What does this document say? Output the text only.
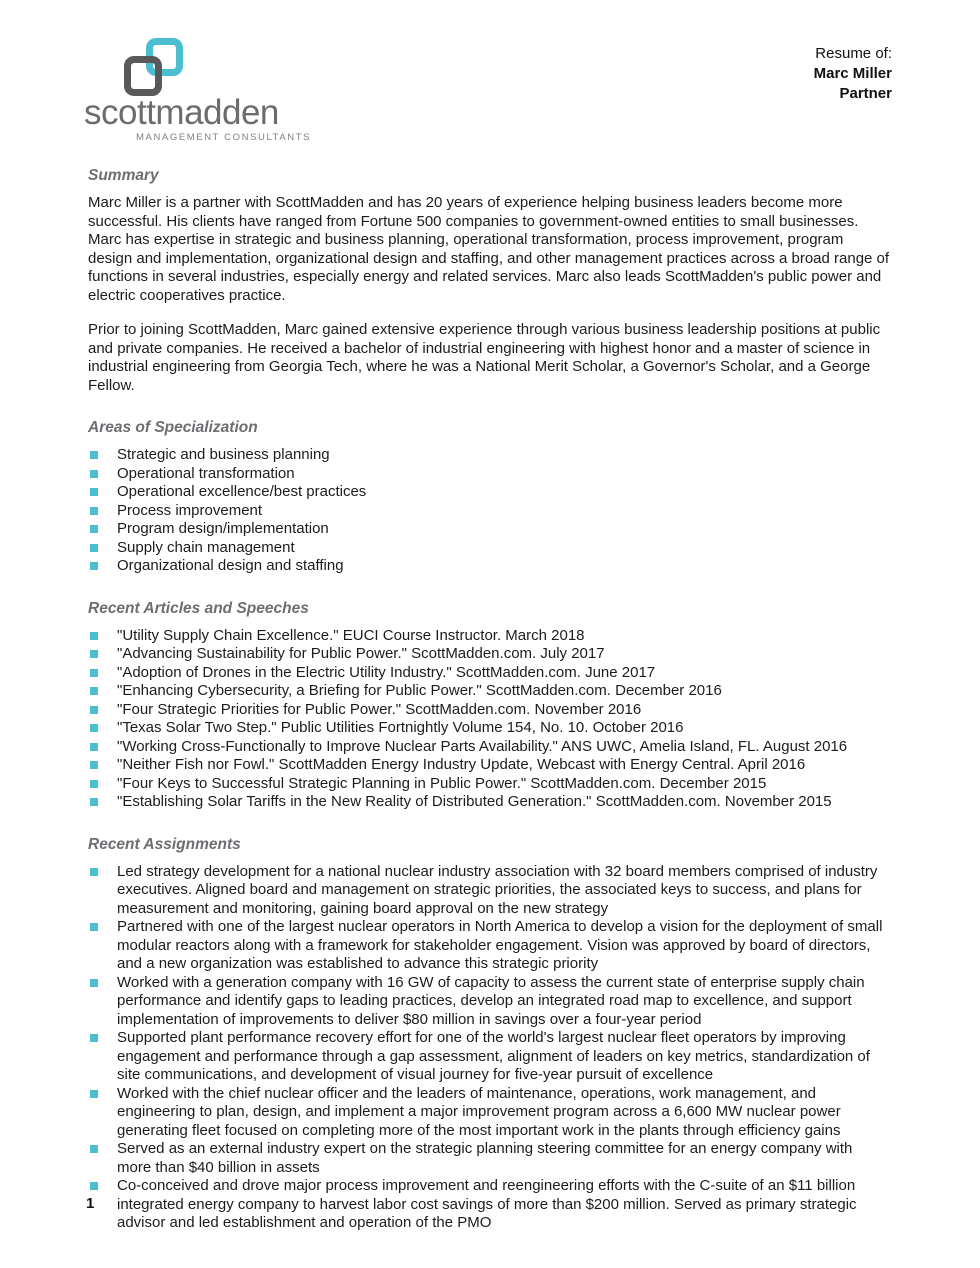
scottmadden
MANAGEMENT CONSULTANTS
Resume of:
Marc Miller
Partner
Summary

Marc Miller is a partner with ScottMadden and has 20 years of experience helping business leaders become more successful. His clients have ranged from Fortune 500 companies to government-owned entities to small businesses. Marc has expertise in strategic and business planning, operational transformation, process improvement, program design and implementation, organizational design and staffing, and other management practices across a broad range of functions in several industries, especially energy and related services. Marc also leads ScottMadden's public power and electric cooperatives practice.

Prior to joining ScottMadden, Marc gained extensive experience through various business leadership positions at public and private companies. He received a bachelor of industrial engineering with highest honor and a master of science in industrial engineering from Georgia Tech, where he was a National Merit Scholar, a Governor's Scholar, and a George Fellow.

Areas of Specialization
Strategic and business planning
Operational transformation
Operational excellence/best practices
Process improvement
Program design/implementation
Supply chain management
Organizational design and staffing
Recent Articles and Speeches
"Utility Supply Chain Excellence." EUCI Course Instructor. March 2018
"Advancing Sustainability for Public Power." ScottMadden.com. July 2017
"Adoption of Drones in the Electric Utility Industry." ScottMadden.com. June 2017
"Enhancing Cybersecurity, a Briefing for Public Power." ScottMadden.com. December 2016
"Four Strategic Priorities for Public Power." ScottMadden.com. November 2016
"Texas Solar Two Step." Public Utilities Fortnightly Volume 154, No. 10. October 2016
"Working Cross-Functionally to Improve Nuclear Parts Availability." ANS UWC, Amelia Island, FL. August 2016
"Neither Fish nor Fowl." ScottMadden Energy Industry Update, Webcast with Energy Central. April 2016
"Four Keys to Successful Strategic Planning in Public Power." ScottMadden.com. December 2015
"Establishing Solar Tariffs in the New Reality of Distributed Generation." ScottMadden.com. November 2015
Recent Assignments
Led strategy development for a national nuclear industry association with 32 board members comprised of industry executives. Aligned board and management on strategic priorities, the associated keys to success, and plans for measurement and monitoring, gaining board approval on the new strategy
Partnered with one of the largest nuclear operators in North America to develop a vision for the deployment of small modular reactors along with a framework for stakeholder engagement. Vision was approved by board of directors, and a new organization was established to advance this strategic priority
Worked with a generation company with 16 GW of capacity to assess the current state of enterprise supply chain performance and identify gaps to leading practices, develop an integrated road map to excellence, and support implementation of improvements to deliver $80 million in savings over a four-year period
Supported plant performance recovery effort for one of the world's largest nuclear fleet operators by improving engagement and performance through a gap assessment, alignment of leaders on key metrics, standardization of site communications, and development of visual journey for five-year pursuit of excellence
Worked with the chief nuclear officer and the leaders of maintenance, operations, work management, and engineering to plan, design, and implement a major improvement program across a 6,600 MW nuclear power generating fleet focused on completing more of the most important work in the plants through efficiency gains
Served as an external industry expert on the strategic planning steering committee for an energy company with more than $40 billion in assets
Co-conceived and drove major process improvement and reengineering efforts with the C-suite of an $11 billion integrated energy company to harvest labor cost savings of more than $200 million. Served as primary strategic advisor and led establishment and operation of the PMO
1
